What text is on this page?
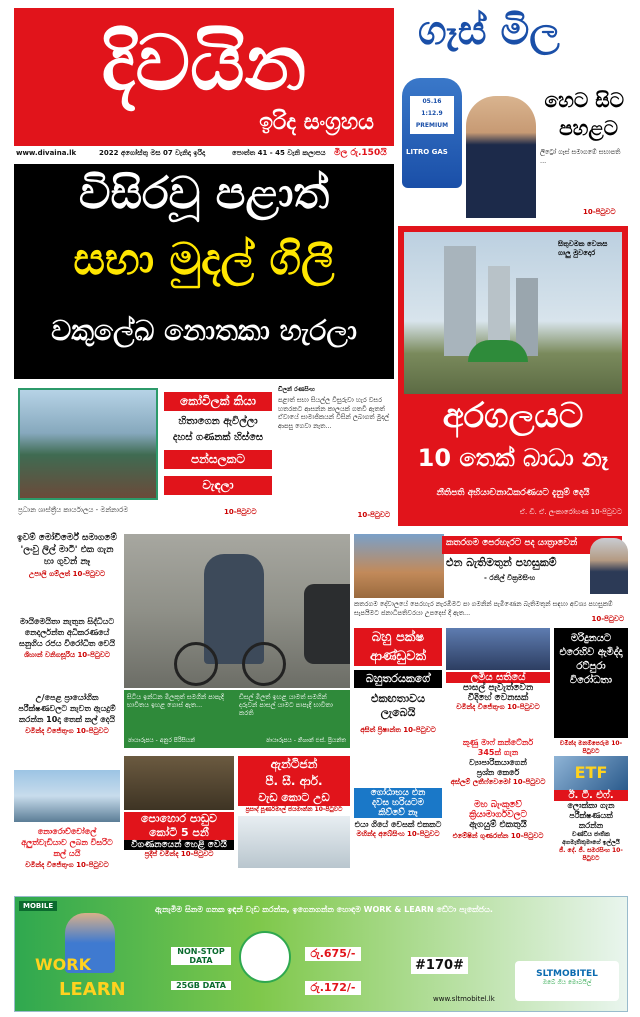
දිවයින
ඉරිද සංග්‍රහය
www.divaina.lk	2022 අගෝස්තු මස 07 වැනිදා ඉරිදා	පොත්ත 41 - 45 වැනි කලාපය මිල රු.150යි
ගෑස් මිල
හෙට සිට
පහළට
05.16
1:12.9
PREMIUM
LITRO GAS	ලිට්‍රෝ ගෑස් සමාගමේ සභාපති ...
10-පිටුවට
විසිරවූ පළාත්
සභා මුදල් ගිලී
වකුලේඛ නොතකා හැරලා
සිතුවමක වෙනස ගාලු මුවදොර
අරගලයට
10 තෙක් බාධා නෑ
නීතිපති අභියාචනාධිකරණයට දැනුම් දෙයි
ඒ. ඩී. ඒ. ලංකාරෝහණ 10-පිටුවට
කෝවිලක් කියා
හිතාගෙන ඇවිල්ලා
දහස් ගණනක් හිස්සෙ
පන්සලකට
වැඳලා
ප්‍රධාන ශාස්ත්‍රීය කාර්යාලය - මන්නාරම	10-පිටුවට
ඩිලන් රණසිංහ
පළාත් සභා සියල්ල විසුරුවා හැර වසර හතරකට ආසන්න කාලයක් ගතවී ඇතත් ඒවායේ සාමාජිකයන් විසින් ලබාගත් මුදල් ආපසු ගෙවා නැත...
10-පිටුවට
ඉවම් මෝචිර්මේ සමාගමේ 'ලංවු ලිල් මාටි' එක ගැන හා ගුවන් නෑ
උපාලි ගම්ලත් 10-පිටුවට
මායිමෙයිතා නැතුන සිද්ධියට නෙදර්ලන්ත අධිකරණයේ සනුගිය රජය විරෝධිත වෙයි
ශිහාන් වනිගසූරිය 10-පිටුවට
උ/පෙළ ප්‍රායෝගික පරීක්ෂණවලට නැවත ඇයදුම් කරන්න 10දා තෙක් කල් දෙයි
චමින්ද විජේතුංග 10-පිටුවට
නොරොච්චෝලේ අලුත්වැඩියාව ලබන විසරිට කල් යයි
චමින්ද විජේතුංග 10-පිටුවට
සිටිය ඉන්ධන මිලකුත් සමගින් පාපැදි භාවිතය ඉහළ ගොස් ඇත...
ඩීසල් මිලත් ඉහළ යාමත් සමගින් දරුවන් පාසල් යාමට පාපැදි භාවිතා කරති
ඡායාරූපය - අනුර පිරිසියන්	ඡායාරූපය - නිශාන් එස්. ප්‍රියන්ත
කතරගම පෙරහැරට පද යාත්‍රාවෙන්
එන බැතිමතුන් පහසුකම්
- රනිල් වික්‍රමසිංහ
කතරගම දේවාලයේ පෙරහැර නැරඹීමට පා ගමනින් පැමිණෙන බැතිමතුන් සඳහා අවශ්‍ය පහසුකම් සැපයීමට ජනාධිපතිවරයා උපදෙස් දී ඇත...
10-පිටුවට
බහු පක්ෂ
ආණ්ඩුවක්
බහුතරයකගේ
එකඟතාවය
ලැබෙයි
අසිත් ප්‍රිෂාන්ත 10-පිටුවට
ලමිය සතියේ
පාසල් පැවැත්වෙන
විදිහේ වෙනසක්
චමින්ද විජේතුංග 10-පිටුවට
මරිදුනයට එරෙහිව ඇමිද්දා රට්පුරා විරෝධතා
චමින්ද මනම්පෙරුම 10-පිටුවට
කුණු මාෆ් කන්ටේනර්
345ක් ගැන
ව්‍යාපාරිකයාගෙන්
ප්‍රශ්න කෙරේ
අස්ලම් ලතීෆ්වෙමෝ 10-පිටුවට
පොහොර පාඩුව
කෝටි 5 පනී
විගණනයෙන් හෙළි වෙයි
ප්‍රදීප් චමින්ද 10-පිටුවට
ඇන්ටිජන්
පී. සී. ආර්.
වැඩ කොට උඩ
ප්‍රසාද් පූර්ණමාල් ජයමාන්න 10-පිටුවට
ගෝඨාභය එන
දවස හරියටම
කිව්වේ නෑ
එයා ගියේ වෙසක් එකකට
මහින්ද අබේසිංහ 10-පිටුවට
මහ බැංකුවේ
ක්‍රියාමාර්ගවලට
ඇගයුම් එකතුයි
එමේෂින් ගුණරත්න 10-පිටුවට
ETF
ඊ. ටී. එෆ්.
ලොක්කා ගැන
පරීක්ෂණයක්
කරන්න
චණ්ඩිය ජාතික අගමැතිතුමාගේ ඉල්ලයි
ජී. දේ. ජී. සමරසිංහ 10-පිටුවට
MOBILE	ඇනැමිම සිනම ගනක ඉඳන් වැඩ කරන්න, ඉගෙනගන්න හොඳම WORK & LEARN ඩේටා පැකේජය.
WORK
LEARN
NON-STOP DATA
25GB DATA
රු.675/-
රු.172/-
#170#
www.sltmobitel.lk
SLTMOBITEL
ඔබේ ගිය මොබයිල්
